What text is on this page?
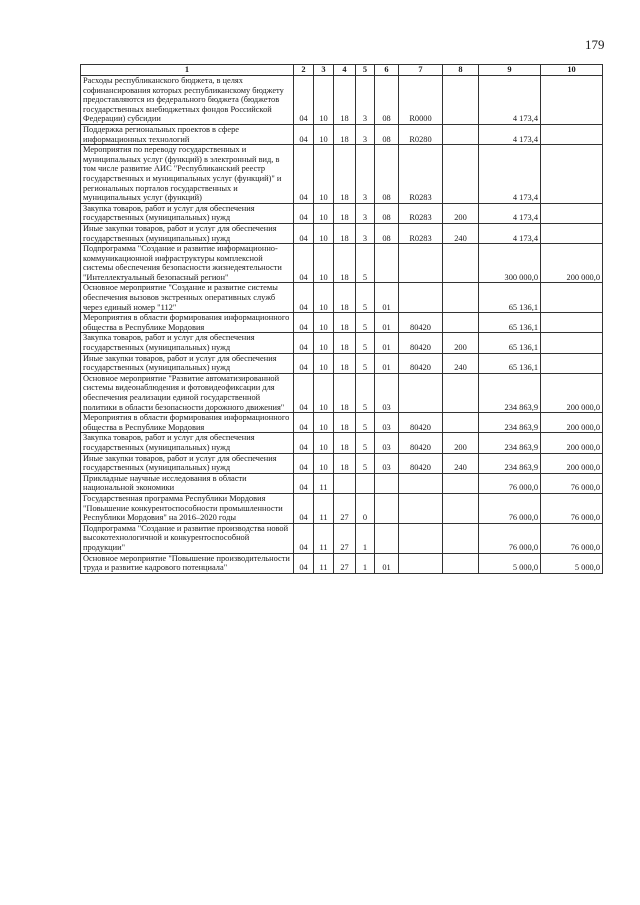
179
1	2	3	4	5	6	7	8	9	10
Расходы республиканского бюджета, в целях софинансирования которых республиканскому бюджету предоставляются из федерального бюджета (бюджетов государственных внебюджетных фондов Российской Федерации) субсидии	04	10	18	3	08	R0000		4 173,4	
Поддержка региональных проектов в сфере информационных технологий	04	10	18	3	08	R0280		4 173,4	
Мероприятия по переводу государственных и муниципальных услуг (функций) в электронный вид, в том числе развитие АИС "Республиканский реестр государственных и муниципальных услуг (функций)" и региональных порталов государственных и муниципальных услуг (функций)	04	10	18	3	08	R0283		4 173,4	
Закупка товаров, работ и услуг для обеспечения государственных (муниципальных) нужд	04	10	18	3	08	R0283	200	4 173,4	
Иные закупки товаров, работ и услуг для обеспечения государственных (муниципальных) нужд	04	10	18	3	08	R0283	240	4 173,4	
Подпрограмма "Создание и развитие информационно-коммуникационной инфраструктуры комплексной системы обеспечения безопасности жизнедеятельности "Интеллектуальный безопасный регион"	04	10	18	5				300 000,0	200 000,0
Основное мероприятие "Создание и развитие системы обеспечения вызовов экстренных оперативных служб через единый номер "112"	04	10	18	5	01			65 136,1	
Мероприятия в области формирования информационного общества в Республике Мордовия	04	10	18	5	01	80420		65 136,1	
Закупка товаров, работ и услуг для обеспечения государственных (муниципальных) нужд	04	10	18	5	01	80420	200	65 136,1	
Иные закупки товаров, работ и услуг для обеспечения государственных (муниципальных) нужд	04	10	18	5	01	80420	240	65 136,1	
Основное мероприятие "Развитие автоматизированной системы видеонаблюдения и фотовидеофиксации для обеспечения реализации единой государственной политики в области безопасности дорожного движения"	04	10	18	5	03			234 863,9	200 000,0
Мероприятия в области формирования информационного общества в Республике Мордовия	04	10	18	5	03	80420		234 863,9	200 000,0
Закупка товаров, работ и услуг для обеспечения государственных (муниципальных) нужд	04	10	18	5	03	80420	200	234 863,9	200 000,0
Иные закупки товаров, работ и услуг для обеспечения государственных (муниципальных) нужд	04	10	18	5	03	80420	240	234 863,9	200 000,0
Прикладные научные исследования в области национальной экономики	04	11						76 000,0	76 000,0
Государственная программа Республики Мордовия "Повышение конкурентоспособности промышленности Республики Мордовия" на 2016–2020 годы	04	11	27	0				76 000,0	76 000,0
Подпрограмма "Создание и развитие производства новой высокотехнологичной и конкурентоспособной продукции"	04	11	27	1				76 000,0	76 000,0
Основное мероприятие "Повышение производительности труда и развитие кадрового потенциала"	04	11	27	1	01			5 000,0	5 000,0
